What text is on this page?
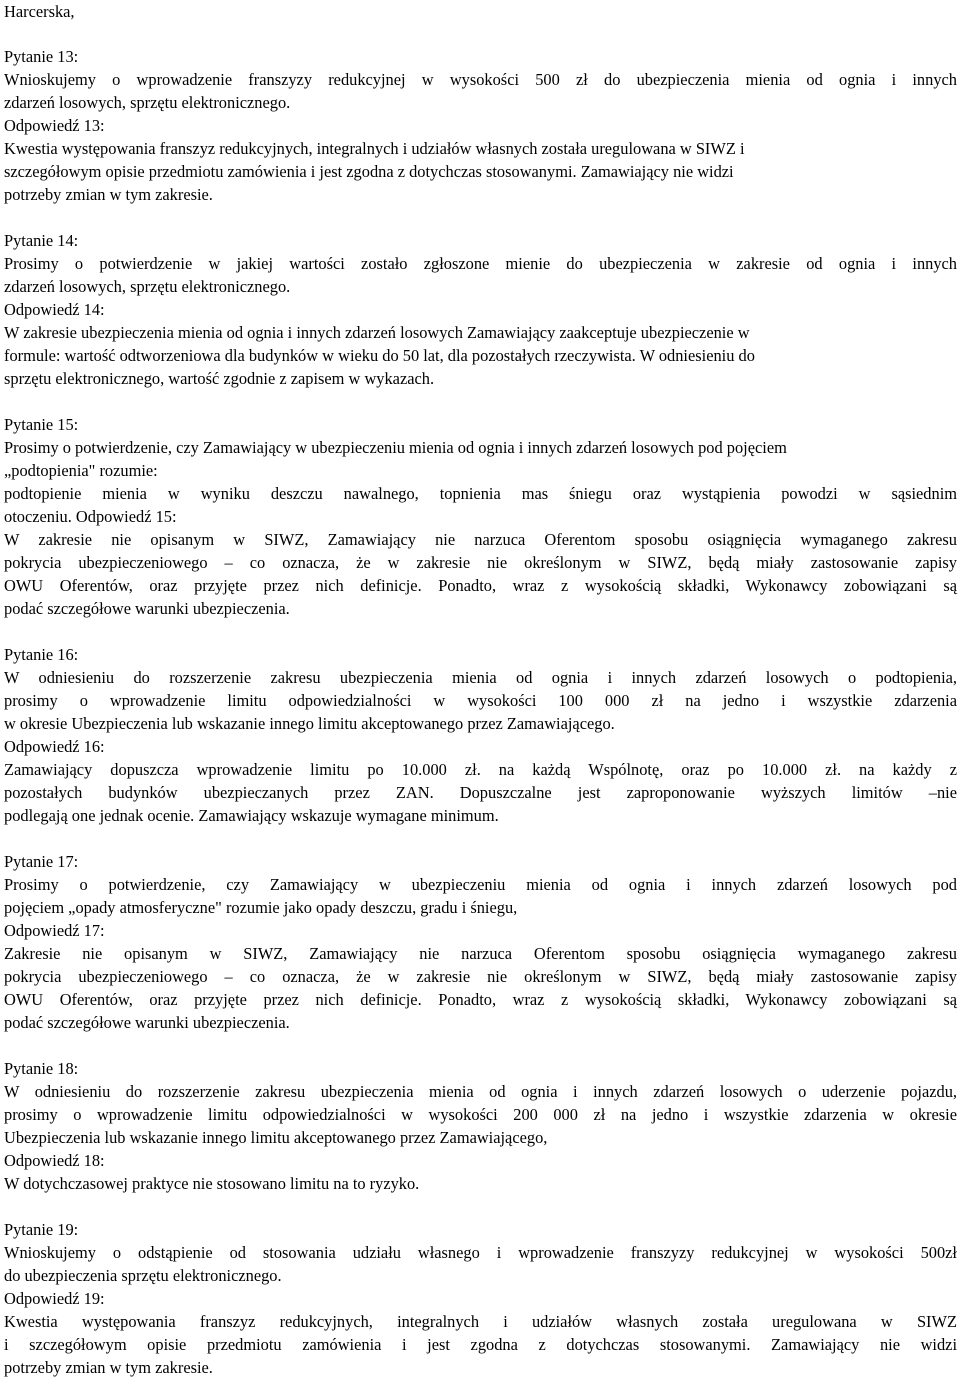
Harcerska,
Pytanie 13:
Wnioskujemy o wprowadzenie franszyzy redukcyjnej w wysokości 500 zł do ubezpieczenia mienia od ognia i innych
zdarzeń losowych, sprzętu elektronicznego.
Odpowiedź 13:
Kwestia występowania franszyz redukcyjnych, integralnych i udziałów własnych została uregulowana w SIWZ i
szczegółowym opisie przedmiotu zamówienia i jest zgodna z dotychczas stosowanymi. Zamawiający nie widzi
potrzeby zmian w tym zakresie.
Pytanie 14:
Prosimy o potwierdzenie w jakiej wartości zostało zgłoszone mienie do ubezpieczenia w zakresie od ognia i innych
zdarzeń losowych, sprzętu elektronicznego.
Odpowiedź 14:
W zakresie ubezpieczenia mienia od ognia i innych zdarzeń losowych Zamawiający zaakceptuje ubezpieczenie w
formule: wartość odtworzeniowa dla budynków w wieku do 50 lat, dla pozostałych rzeczywista. W odniesieniu do
sprzętu elektronicznego, wartość zgodnie z zapisem w wykazach.
Pytanie 15:
Prosimy o potwierdzenie, czy Zamawiający w ubezpieczeniu mienia od ognia i innych zdarzeń losowych pod pojęciem
„podtopienia" rozumie:
podtopienie mienia w wyniku deszczu nawalnego, topnienia mas śniegu oraz wystąpienia powodzi w sąsiednim
otoczeniu. Odpowiedź 15:
W zakresie nie opisanym w SIWZ, Zamawiający nie narzuca Oferentom sposobu osiągnięcia wymaganego zakresu
pokrycia ubezpieczeniowego – co oznacza, że w zakresie nie określonym w SIWZ, będą miały zastosowanie zapisy
OWU Oferentów, oraz przyjęte przez nich definicje. Ponadto, wraz z wysokością składki, Wykonawcy zobowiązani są
podać szczegółowe warunki ubezpieczenia.
Pytanie 16:
W odniesieniu do rozszerzenie zakresu ubezpieczenia mienia od ognia i innych zdarzeń losowych o podtopienia,
prosimy o wprowadzenie limitu odpowiedzialności w wysokości 100 000 zł na jedno i wszystkie zdarzenia
w okresie Ubezpieczenia lub wskazanie innego limitu akceptowanego przez Zamawiającego.
Odpowiedź 16:
Zamawiający dopuszcza wprowadzenie limitu po 10.000 zł. na każdą Wspólnotę, oraz po 10.000 zł. na każdy z
pozostałych budynków ubezpieczanych przez ZAN. Dopuszczalne jest zaproponowanie wyższych limitów –nie
podlegają one jednak ocenie. Zamawiający wskazuje wymagane minimum.
Pytanie 17:
Prosimy o potwierdzenie, czy Zamawiający w ubezpieczeniu mienia od ognia i innych zdarzeń losowych pod
pojęciem „opady atmosferyczne" rozumie jako opady deszczu, gradu i śniegu,
Odpowiedź 17:
Zakresie nie opisanym w SIWZ, Zamawiający nie narzuca Oferentom sposobu osiągnięcia wymaganego zakresu
pokrycia ubezpieczeniowego – co oznacza, że w zakresie nie określonym w SIWZ, będą miały zastosowanie zapisy
OWU Oferentów, oraz przyjęte przez nich definicje. Ponadto, wraz z wysokością składki, Wykonawcy zobowiązani są
podać szczegółowe warunki ubezpieczenia.
Pytanie 18:
W odniesieniu do rozszerzenie zakresu ubezpieczenia mienia od ognia i innych zdarzeń losowych o uderzenie pojazdu,
prosimy o wprowadzenie limitu odpowiedzialności w wysokości 200 000 zł na jedno i wszystkie zdarzenia w okresie
Ubezpieczenia lub wskazanie innego limitu akceptowanego przez Zamawiającego,
Odpowiedź 18:
W dotychczasowej praktyce nie stosowano limitu na to ryzyko.
Pytanie 19:
Wnioskujemy o odstąpienie od stosowania udziału własnego i wprowadzenie franszyzy redukcyjnej w wysokości 500zł
do ubezpieczenia sprzętu elektronicznego.
Odpowiedź 19:
Kwestia występowania franszyz redukcyjnych, integralnych i udziałów własnych została uregulowana w SIWZ
i szczegółowym opisie przedmiotu zamówienia i jest zgodna z dotychczas stosowanymi. Zamawiający nie widzi
potrzeby zmian w tym zakresie.
